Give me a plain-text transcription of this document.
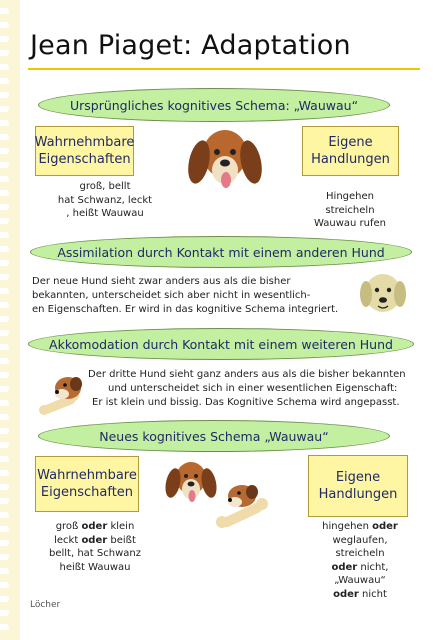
Jean Piaget: Adaptation
Ursprüngliches kognitives Schema: „Wauwau“
Wahrnehmbare
Eigenschaften
Eigene
Handlungen
groß, bellt
hat Schwanz, leckt
, heißt Wauwau
Hingehen
streicheln
Wauwau rufen
Assimilation durch Kontakt mit einem anderen Hund
Der neue Hund sieht zwar anders aus als die bisher
bekannten, unterscheidet sich aber nicht in wesentlich-
en Eigenschaften. Er wird in das kognitive Schema integriert.
Akkomodation durch Kontakt mit einem weiteren Hund
Der dritte Hund sieht ganz anders aus als die bisher bekannten
und unterscheidet sich in einer wesentlichen Eigenschaft:
Er ist klein und bissig. Das Kognitive Schema wird angepasst.
Neues kognitives Schema „Wauwau“
Wahrnehmbare
Eigenschaften
Eigene
Handlungen
groß oder klein
leckt oder beißt
bellt, hat Schwanz
heißt Wauwau
hingehen oder
weglaufen,
streicheln
oder nicht,
„Wauwau“
oder nicht
Löcher
